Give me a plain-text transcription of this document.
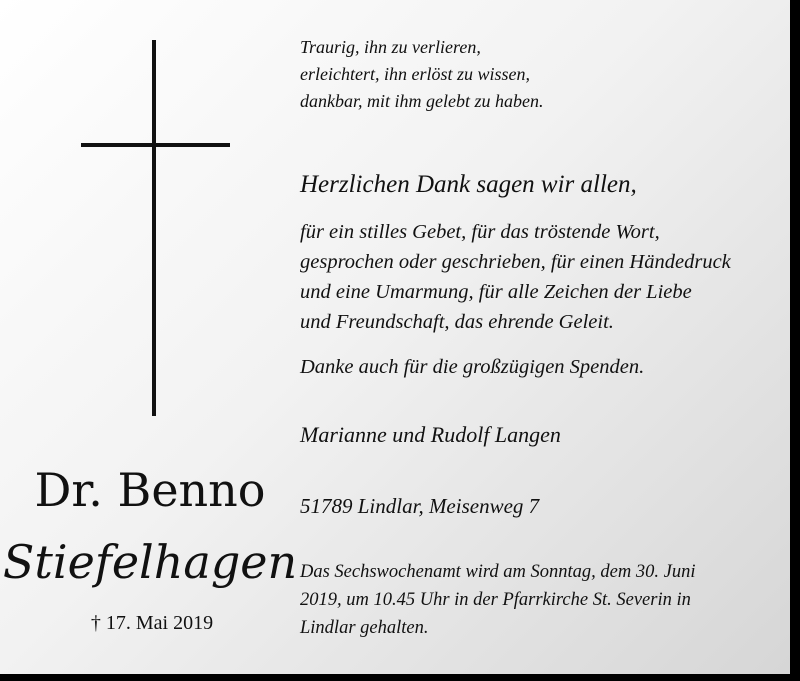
Dr. Benno
Stiefelhagen
† 17. Mai 2019
Traurig, ihn zu verlieren,
erleichtert, ihn erlöst zu wissen,
dankbar, mit ihm gelebt zu haben.
Herzlichen Dank sagen wir allen,
für ein stilles Gebet, für das tröstende Wort,
gesprochen oder geschrieben, für einen Händedruck
und eine Umarmung, für alle Zeichen der Liebe
und Freundschaft, das ehrende Geleit.
Danke auch für die großzügigen Spenden.
Marianne und Rudolf Langen
51789 Lindlar, Meisenweg 7
Das Sechswochenamt wird am Sonntag, dem 30. Juni
2019, um 10.45 Uhr in der Pfarrkirche St. Severin in
Lindlar gehalten.
